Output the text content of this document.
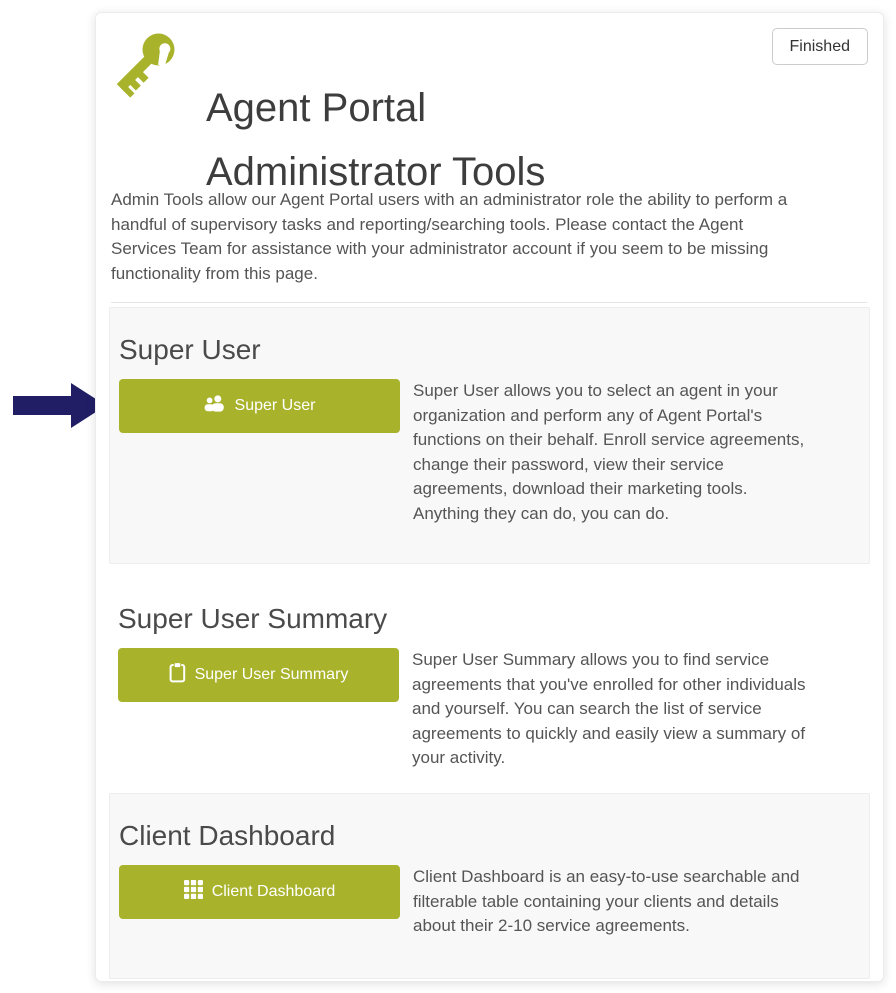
Agent Portal
Administrator Tools
Finished

Admin Tools allow our Agent Portal users with an administrator role the ability to perform a handful of supervisory tasks and reporting/searching tools. Please contact the Agent Services Team for assistance with your administrator account if you seem to be missing functionality from this page.

Super User
Super User
Super User allows you to select an agent in your organization and perform any of Agent Portal's functions on their behalf. Enroll service agreements, change their password, view their service agreements, download their marketing tools. Anything they can do, you can do.
Super User Summary
Super User Summary
Super User Summary allows you to find service agreements that you've enrolled for other individuals and yourself. You can search the list of service agreements to quickly and easily view a summary of your activity.
Client Dashboard
Client Dashboard
Client Dashboard is an easy-to-use searchable and filterable table containing your clients and details about their 2-10 service agreements.
